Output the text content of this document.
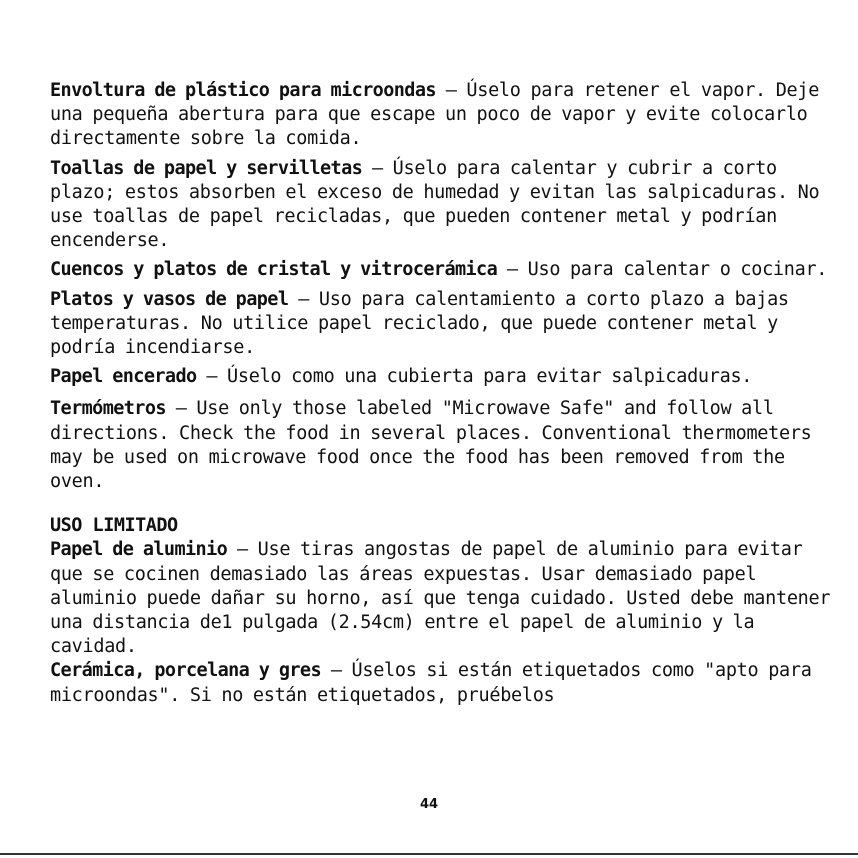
Envoltura de plástico para microondas – Úselo para retener el vapor. Deje una pequeña abertura para que escape un poco de vapor y evite colocarlo directamente sobre la comida.

Toallas de papel y servilletas – Úselo para calentar y cubrir a corto plazo; estos absorben el exceso de humedad y evitan las salpicaduras. No use toallas de papel recicladas, que pueden contener metal y podrían encenderse.

Cuencos y platos de cristal y vitrocerámica – Uso para calentar o cocinar.

Platos y vasos de papel – Uso para calentamiento a corto plazo a bajas temperaturas. No utilice papel reciclado, que puede contener metal y podría incendiarse.

Papel encerado – Úselo como una cubierta para evitar salpicaduras.

Termómetros – Use only those labeled "Microwave Safe" and follow all directions. Check the food in several places. Conventional thermometers may be used on microwave food once the food has been removed from the oven.

USO LIMITADO

Papel de aluminio – Use tiras angostas de papel de aluminio para evitar que se cocinen demasiado las áreas expuestas. Usar demasiado papel aluminio puede dañar su horno, así que tenga cuidado. Usted debe mantener una distancia de1 pulgada (2.54cm) entre el papel de aluminio y la cavidad.

Cerámica, porcelana y gres – Úselos si están etiquetados como "apto para microondas". Si no están etiquetados, pruébelos

44
